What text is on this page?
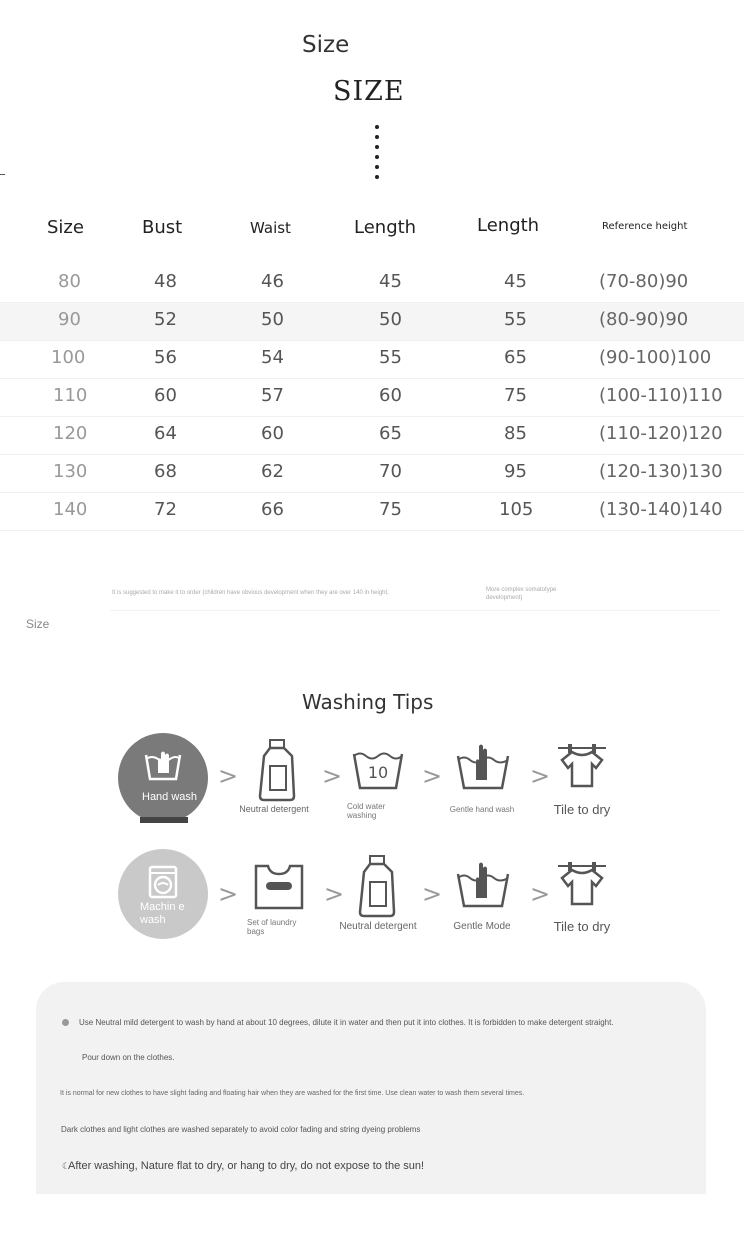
Size
SIZE
Size	Bust	Waist	Length	Length	Reference height
80	48	46	45	45	(70-80)90
90	52	50	50	55	(80-90)90
100	56	54	55	65	(90-100)100
110	60	57	60	75	(100-110)110
120	64	60	65	85	(110-120)120
130	68	62	70	95	(120-130)130
140	72	66	75	105	(130-140)140
It is suggested to make it to order (children have obvious development when they are over 140 in height,	More complex somatotype development)
Size
Washing Tips
Hand wash
>
Neutral detergent
> 10
Cold water washing
>
Gentle hand wash
>
Tile to dry
Machin e wash
>
Set of laundry bags
>
Neutral detergent
>
Gentle Mode
>
Tile to dry
Use Neutral mild detergent to wash by hand at about 10 degrees, dilute it in water and then put it into clothes. It is forbidden to make detergent straight.
Pour down on the clothes.
It is normal for new clothes to have slight fading and floating hair when they are washed for the first time. Use clean water to wash them several times.
Dark clothes and light clothes are washed separately to avoid color fading and string dyeing problems
☾
After washing, Nature flat to dry, or hang to dry, do not expose to the sun!
